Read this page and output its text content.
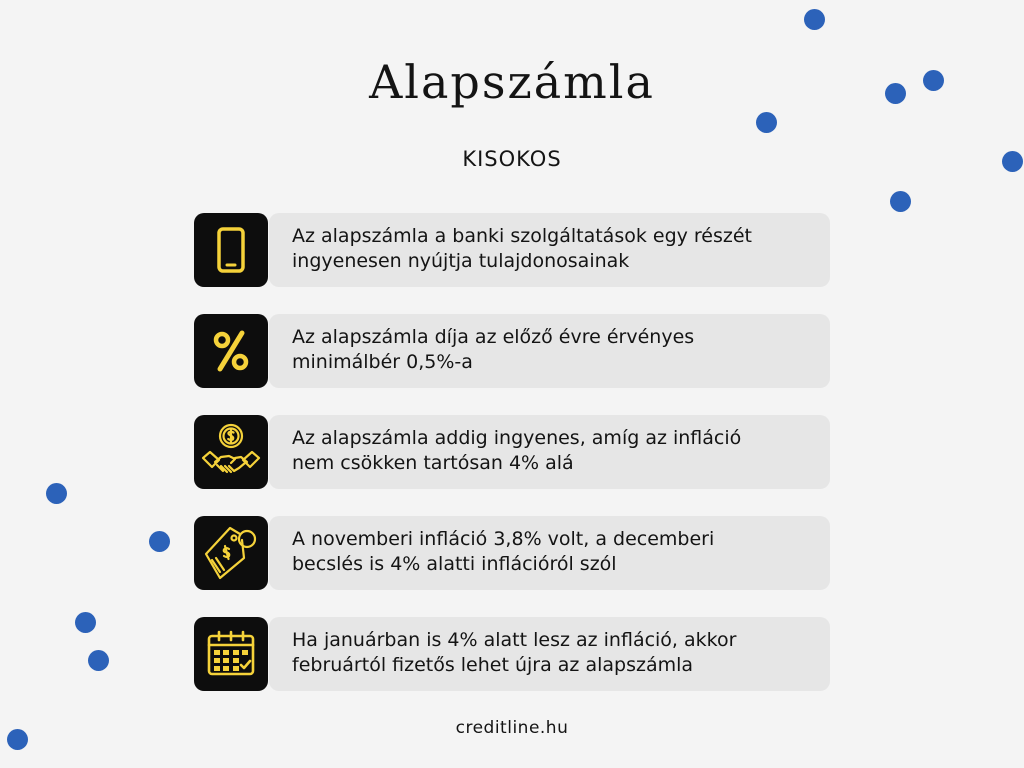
Alapszámla
KISOKOS
Az alapszámla a banki szolgáltatások egy részét
ingyenesen nyújtja tulajdonosainak
Az alapszámla díja az előző évre érvényes
minimálbér 0,5%-a
Az alapszámla addig ingyenes, amíg az infláció
nem csökken tartósan 4% alá
A novemberi infláció 3,8% volt, a decemberi
becslés is 4% alatti inflációról szól
Ha januárban is 4% alatt lesz az infláció, akkor
februártól fizetős lehet újra az alapszámla
creditline.hu
